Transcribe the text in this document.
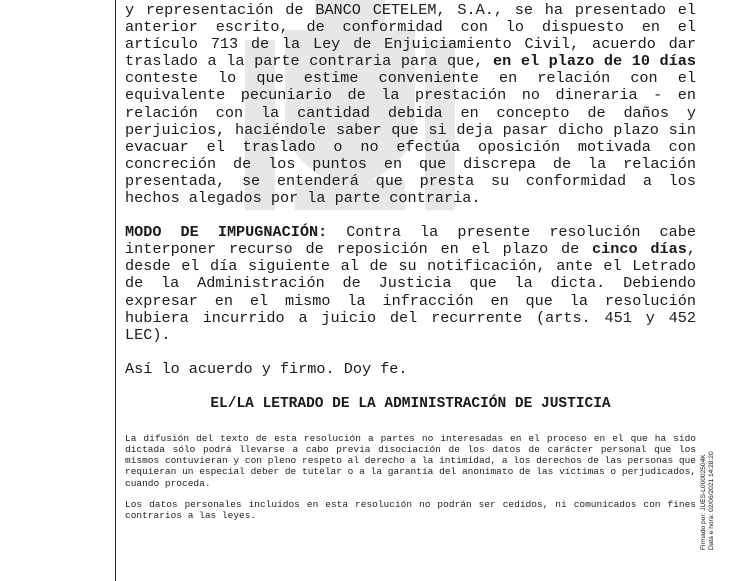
y representación de BANCO CETELEM, S.A., se ha presentado el anterior escrito, de conformidad con lo dispuesto en el artículo 713 de la Ley de Enjuiciamiento Civil, acuerdo dar traslado a la parte contraria para que, en el plazo de 10 días conteste lo que estime conveniente en relación con el equivalente pecuniario de la prestación no dineraria - en relación con la cantidad debida en concepto de daños y perjuicios, haciéndole saber que si deja pasar dicho plazo sin evacuar el traslado o no efectúa oposición motivada con concreción de los puntos en que discrepa de la relación presentada, se entenderá que presta su conformidad a los hechos alegados por la parte contraria.

MODO DE IMPUGNACIÓN: Contra la presente resolución cabe interponer recurso de reposición en el plazo de cinco días, desde el día siguiente al de su notificación, ante el Letrado de la Administración de Justicia que la dicta. Debiendo expresar en el mismo la infracción en que la resolución hubiera incurrido a juicio del recurrente (arts. 451 y 452 LEC).

Así lo acuerdo y firmo. Doy fe.

EL/LA LETRADO DE LA ADMINISTRACIÓN DE JUSTICIA

La difusión del texto de esta resolución a partes no interesadas en el proceso en el que ha sido dictada sólo podrá llevarse a cabo previa disociación de los datos de carácter personal que los mismos contuvieran y con pleno respeto al derecho a la intimidad, a los derechos de las personas que requieran un especial deber de tutelar o a la garantía del anonimato de las víctimas o perjudicados, cuando proceda.

Los datos personales incluidos en esta resolución no podrán ser cedidos, ni comunicados con fines contrarios a las leyes.	Firmado por: JUES-L00002504K Data e hora: 02/06/2021 14:28:20
